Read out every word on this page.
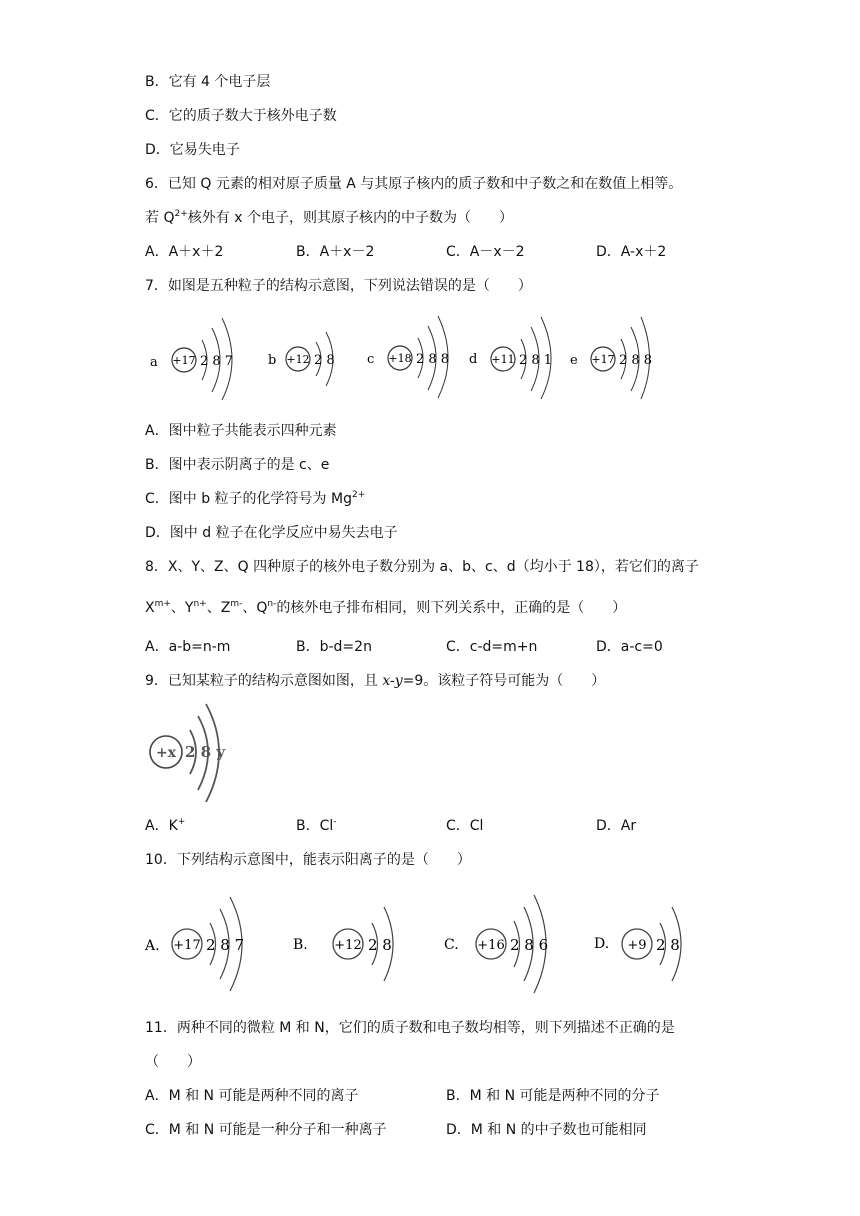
B．它有 4 个电子层
C．它的质子数大于核外电子数
D．它易失电子
6．已知 Q 元素的相对原子质量 A 与其原子核内的质子数和中子数之和在数值上相等。
若 $Q^{2+}$核外有 x 个电子，则其原子核内的中子数为（　　）
A．A＋x＋2	B．A＋x－2	C．A－x－2	D．A-x＋2
7．如图是五种粒子的结构示意图，下列说法错误的是（　　）
a +17 2 8 7	b +12 2 8 c +18 2 8 8 d +11 2 8 1 e +17 2 8 8
A．图中粒子共能表示四种元素
B．图中表示阴离子的是 c、e
C．图中 b 粒子的化学符号为 $Mg^{2+}$
D．图中 d 粒子在化学反应中易失去电子
8．X、Y、Z、Q 四种原子的核外电子数分别为 a、b、c、d（均小于 18），若它们的离子
$X^{m+}$、$Y^{n+}$、$Z^{m-}$、$Q^{n-}$的核外电子排布相同，则下列关系中，正确的是（　　）
A．a-b=n-m	B．b-d=2n	C．c-d=m+n	D．a-c=0
9．已知某粒子的结构示意图如图，且 x-y=9。该粒子符号可能为（　　）
+x 2 8 y
A．K+	B．Cl-	C．Cl	D．Ar
10．下列结构示意图中，能表示阳离子的是（　　）
A. +17 2 8 7	B. +12 2 8	C. +16 2 8 6	D. +9 2 8
11．两种不同的微粒 M 和 N，它们的质子数和电子数均相等，则下列描述不正确的是
（　　）
A．M 和 N 可能是两种不同的离子	B．M 和 N 可能是两种不同的分子
C．M 和 N 可能是一种分子和一种离子	D．M 和 N 的中子数也可能相同
